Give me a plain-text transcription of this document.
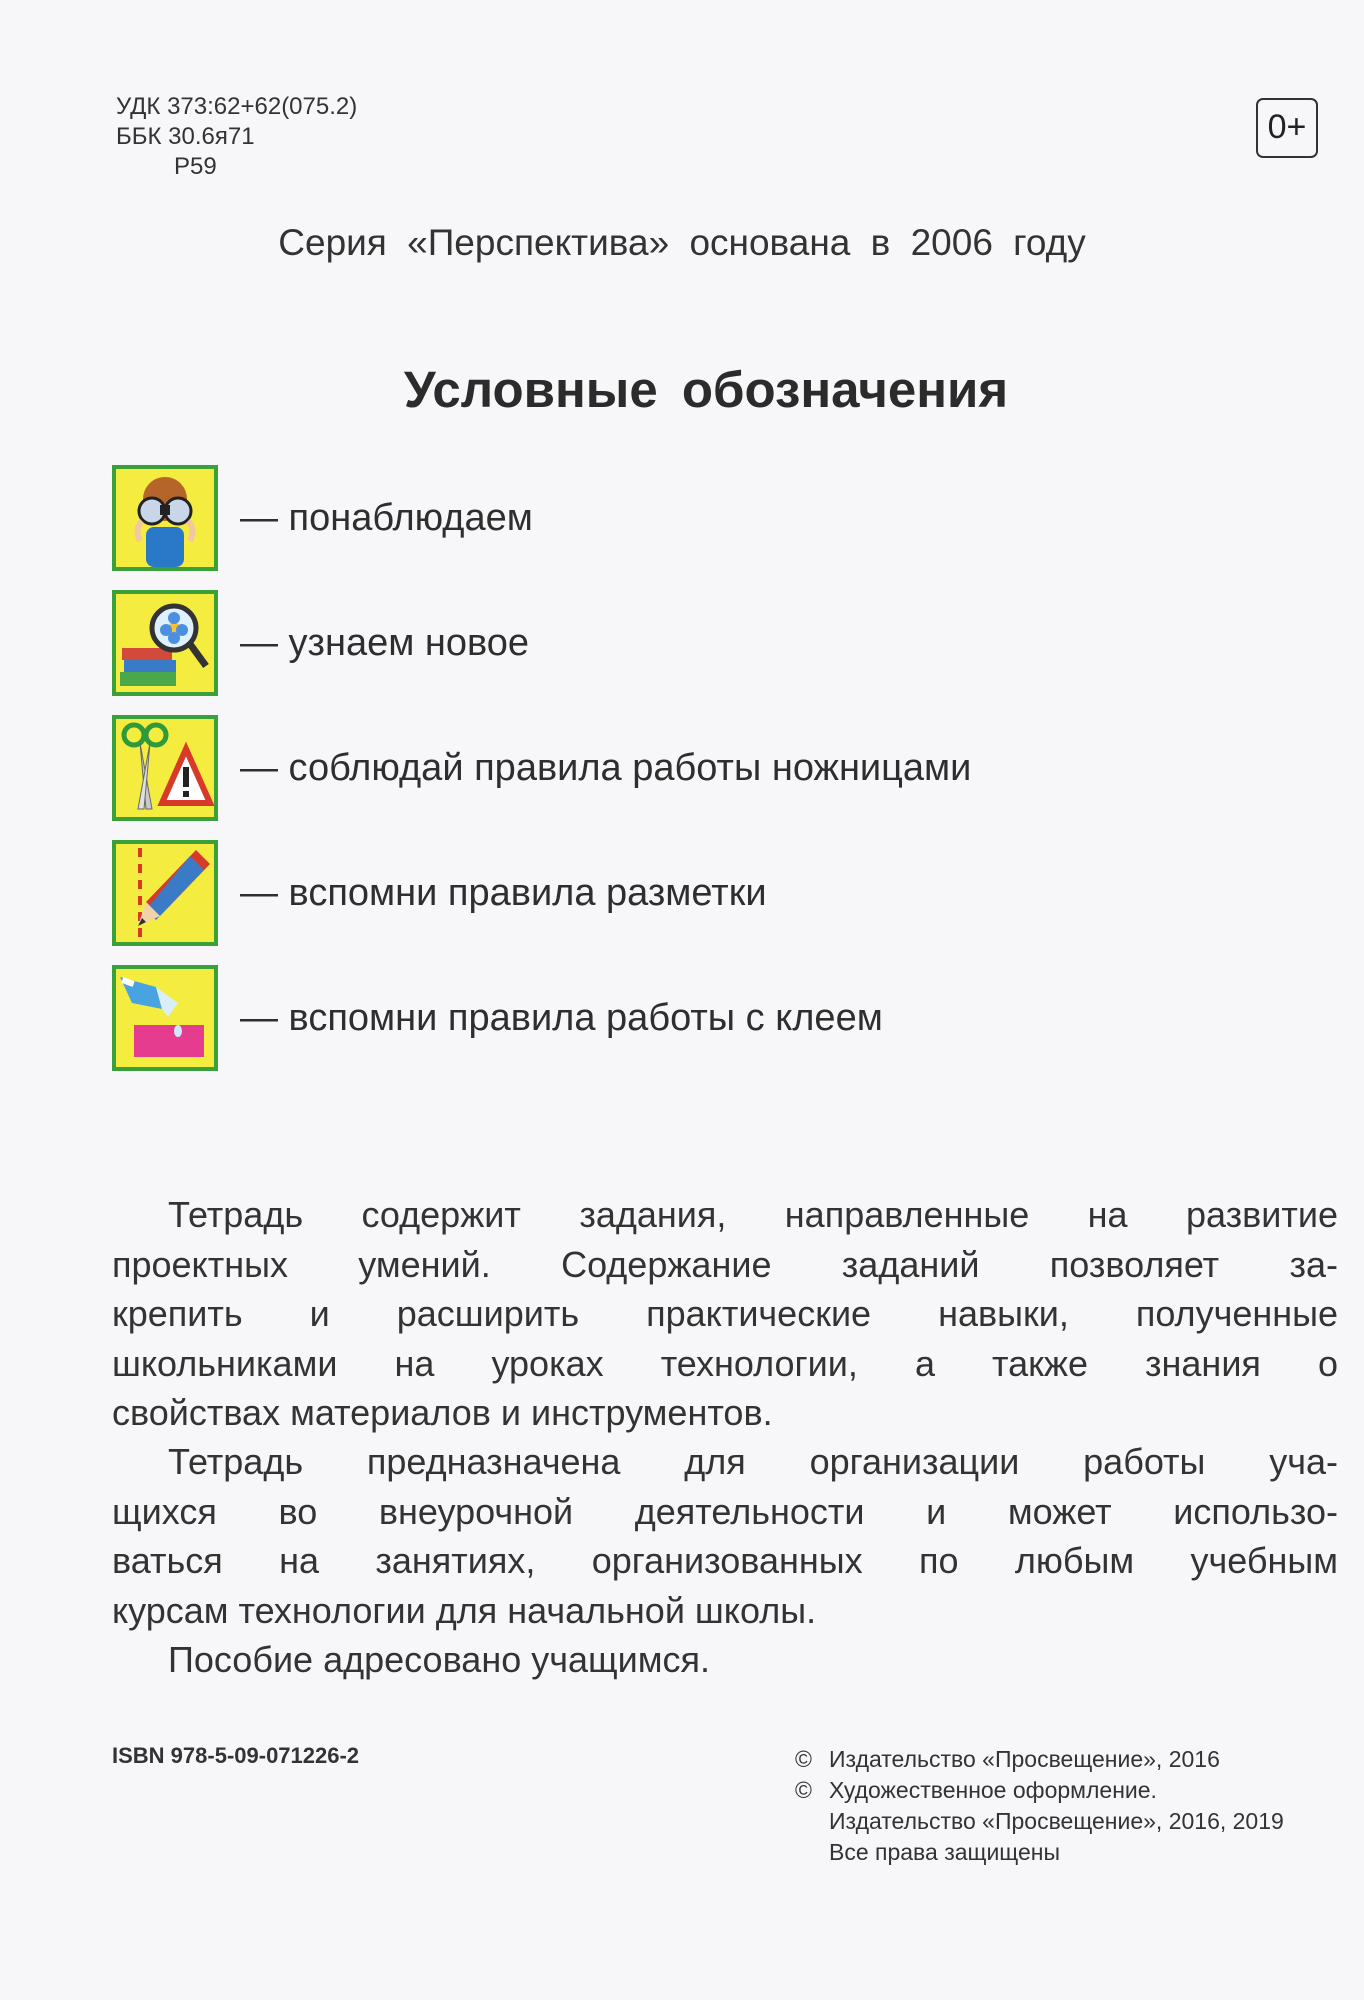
УДК 373:62+62(075.2)
ББК 30.6я71
Р59
0+
Серия «Перспектива» основана в 2006 году
Условные обозначения
— понаблюдаем
— узнаем новое
— соблюдай правила работы ножницами
— вспомни правила разметки
— вспомни правила работы с клеем
Тетрадь содержит задания, направленные на развитие
проектных умений. Содержание заданий позволяет за-
крепить и расширить практические навыки, полученные
школьниками на уроках технологии, а также знания о
свойствах материалов и инструментов.
Тетрадь предназначена для организации работы уча-
щихся во внеурочной деятельности и может использо-
ваться на занятиях, организованных по любым учебным
курсам технологии для начальной школы.
Пособие адресовано учащимся.
ISBN 978-5-09-071226-2	© Издательство «Просвещение», 2016
© Художественное оформление.
Издательство «Просвещение», 2016, 2019
Все права защищены
